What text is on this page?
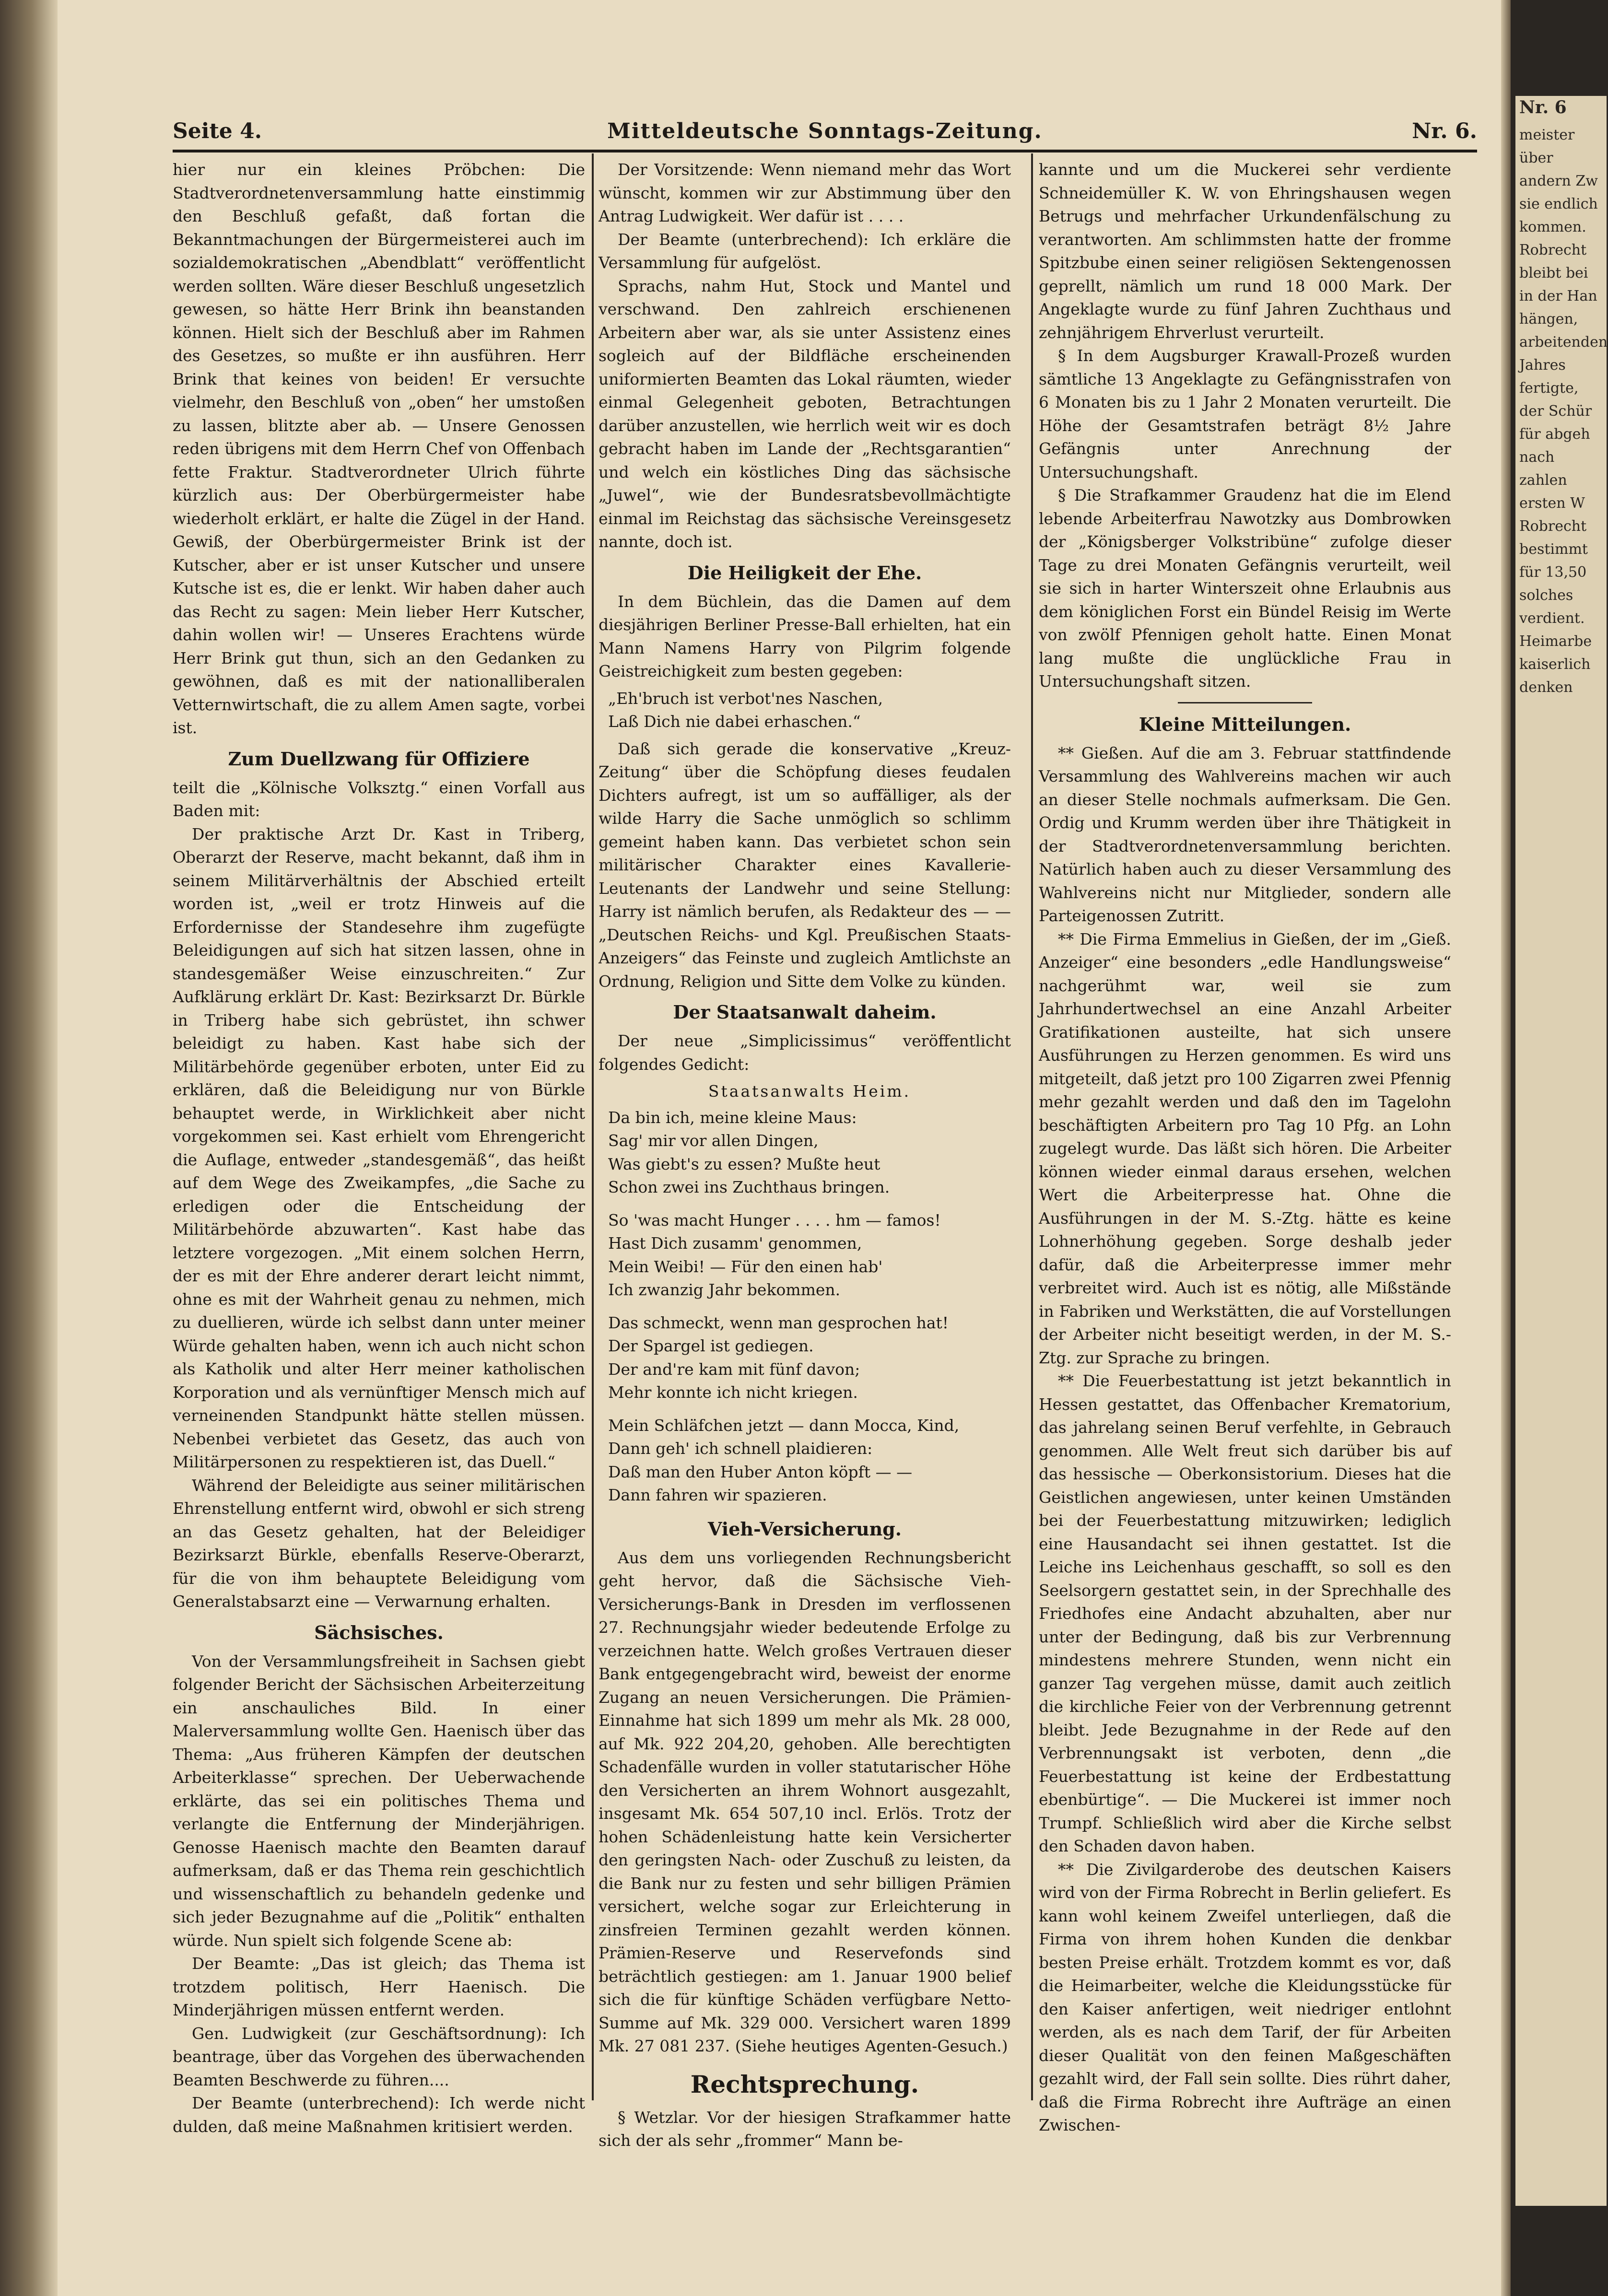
Seite 4.	Mitteldeutsche Sonntags-Zeitung.	Nr. 6.

hier nur ein kleines Pröbchen: Die Stadtverordnetenversammlung hatte einstimmig den Beschluß gefaßt, daß fortan die Bekanntmachungen der Bürgermeisterei auch im sozialdemokratischen „Abendblatt“ veröffentlicht werden sollten. Wäre dieser Beschluß ungesetzlich gewesen, so hätte Herr Brink ihn beanstanden können. Hielt sich der Beschluß aber im Rahmen des Gesetzes, so mußte er ihn ausführen. Herr Brink that keines von beiden! Er versuchte vielmehr, den Beschluß von „oben“ her umstoßen zu lassen, blitzte aber ab. — Unsere Genossen reden übrigens mit dem Herrn Chef von Offenbach fette Fraktur. Stadtverordneter Ulrich führte kürzlich aus: Der Oberbürgermeister habe wiederholt erklärt, er halte die Zügel in der Hand. Gewiß, der Oberbürgermeister Brink ist der Kutscher, aber er ist unser Kutscher und unsere Kutsche ist es, die er lenkt. Wir haben daher auch das Recht zu sagen: Mein lieber Herr Kutscher, dahin wollen wir! — Unseres Erachtens würde Herr Brink gut thun, sich an den Gedanken zu gewöhnen, daß es mit der nationalliberalen Vetternwirtschaft, die zu allem Amen sagte, vorbei ist.

Zum Duellzwang für Offiziere

teilt die „Kölnische Volksztg.“ einen Vorfall aus Baden mit:

Der praktische Arzt Dr. Kast in Triberg, Oberarzt der Reserve, macht bekannt, daß ihm in seinem Militärverhältnis der Abschied erteilt worden ist, „weil er trotz Hinweis auf die Erfordernisse der Standesehre ihm zugefügte Beleidigungen auf sich hat sitzen lassen, ohne in standesgemäßer Weise einzuschreiten.“ Zur Aufklärung erklärt Dr. Kast: Bezirksarzt Dr. Bürkle in Triberg habe sich gebrüstet, ihn schwer beleidigt zu haben. Kast habe sich der Militärbehörde gegenüber erboten, unter Eid zu erklären, daß die Beleidigung nur von Bürkle behauptet werde, in Wirklichkeit aber nicht vorgekommen sei. Kast erhielt vom Ehrengericht die Auflage, entweder „standesgemäß“, das heißt auf dem Wege des Zweikampfes, „die Sache zu erledigen oder die Entscheidung der Militärbehörde abzuwarten“. Kast habe das letztere vorgezogen. „Mit einem solchen Herrn, der es mit der Ehre anderer derart leicht nimmt, ohne es mit der Wahrheit genau zu nehmen, mich zu duellieren, würde ich selbst dann unter meiner Würde gehalten haben, wenn ich auch nicht schon als Katholik und alter Herr meiner katholischen Korporation und als vernünftiger Mensch mich auf verneinenden Standpunkt hätte stellen müssen. Nebenbei verbietet das Gesetz, das auch von Militärpersonen zu respektieren ist, das Duell.“

Während der Beleidigte aus seiner militärischen Ehrenstellung entfernt wird, obwohl er sich streng an das Gesetz gehalten, hat der Beleidiger Bezirksarzt Bürkle, ebenfalls Reserve-Oberarzt, für die von ihm behauptete Beleidigung vom Generalstabsarzt eine — Verwarnung erhalten.

Sächsisches.

Von der Versammlungsfreiheit in Sachsen giebt folgender Bericht der Sächsischen Arbeiterzeitung ein anschauliches Bild. In einer Malerversammlung wollte Gen. Haenisch über das Thema: „Aus früheren Kämpfen der deutschen Arbeiterklasse“ sprechen. Der Ueberwachende erklärte, das sei ein politisches Thema und verlangte die Entfernung der Minderjährigen. Genosse Haenisch machte den Beamten darauf aufmerksam, daß er das Thema rein geschichtlich und wissenschaftlich zu behandeln gedenke und sich jeder Bezugnahme auf die „Politik“ enthalten würde. Nun spielt sich folgende Scene ab:

Der Beamte: „Das ist gleich; das Thema ist trotzdem politisch, Herr Haenisch. Die Minderjährigen müssen entfernt werden.

Gen. Ludwigkeit (zur Geschäftsordnung): Ich beantrage, über das Vorgehen des überwachenden Beamten Beschwerde zu führen....

Der Beamte (unterbrechend): Ich werde nicht dulden, daß meine Maßnahmen kritisiert werden.

Der Vorsitzende: Wenn niemand mehr das Wort wünscht, kommen wir zur Abstimmung über den Antrag Ludwigkeit. Wer dafür ist . . . .

Der Beamte (unterbrechend): Ich erkläre die Versammlung für aufgelöst.

Sprachs, nahm Hut, Stock und Mantel und verschwand. Den zahlreich erschienenen Arbeitern aber war, als sie unter Assistenz eines sogleich auf der Bildfläche erscheinenden uniformierten Beamten das Lokal räumten, wieder einmal Gelegenheit geboten, Betrachtungen darüber anzustellen, wie herrlich weit wir es doch gebracht haben im Lande der „Rechtsgarantien“ und welch ein köstliches Ding das sächsische „Juwel“, wie der Bundesratsbevollmächtigte einmal im Reichstag das sächsische Vereinsgesetz nannte, doch ist.

Die Heiligkeit der Ehe.

In dem Büchlein, das die Damen auf dem diesjährigen Berliner Presse-Ball erhielten, hat ein Mann Namens Harry von Pilgrim folgende Geistreichigkeit zum besten gegeben:

„Eh'bruch ist verbot'nes Naschen,
Laß Dich nie dabei erhaschen.“

Daß sich gerade die konservative „Kreuz-Zeitung“ über die Schöpfung dieses feudalen Dichters aufregt, ist um so auffälliger, als der wilde Harry die Sache unmöglich so schlimm gemeint haben kann. Das verbietet schon sein militärischer Charakter eines Kavallerie-Leutenants der Landwehr und seine Stellung: Harry ist nämlich berufen, als Redakteur des — — „Deutschen Reichs- und Kgl. Preußischen Staats-Anzeigers“ das Feinste und zugleich Amtlichste an Ordnung, Religion und Sitte dem Volke zu künden.

Der Staatsanwalt daheim.

Der neue „Simplicissimus“ veröffentlicht folgendes Gedicht:

Staatsanwalts Heim.
Da bin ich, meine kleine Maus:
Sag' mir vor allen Dingen,
Was giebt's zu essen? Mußte heut
Schon zwei ins Zuchthaus bringen.
So 'was macht Hunger . . . . hm — famos!
Hast Dich zusamm' genommen,
Mein Weibi! — Für den einen hab'
Ich zwanzig Jahr bekommen.
Das schmeckt, wenn man gesprochen hat!
Der Spargel ist gediegen.
Der and're kam mit fünf davon;
Mehr konnte ich nicht kriegen.
Mein Schläfchen jetzt — dann Mocca, Kind,
Dann geh' ich schnell plaidieren:
Daß man den Huber Anton köpft — —
Dann fahren wir spazieren.
Vieh-Versicherung.

Aus dem uns vorliegenden Rechnungsbericht geht hervor, daß die Sächsische Vieh-Versicherungs-Bank in Dresden im verflossenen 27. Rechnungsjahr wieder bedeutende Erfolge zu verzeichnen hatte. Welch großes Vertrauen dieser Bank entgegengebracht wird, beweist der enorme Zugang an neuen Versicherungen. Die Prämien-Einnahme hat sich 1899 um mehr als Mk. 28 000, auf Mk. 922 204,20, gehoben. Alle berechtigten Schadenfälle wurden in voller statutarischer Höhe den Versicherten an ihrem Wohnort ausgezahlt, insgesamt Mk. 654 507,10 incl. Erlös. Trotz der hohen Schädenleistung hatte kein Versicherter den geringsten Nach- oder Zuschuß zu leisten, da die Bank nur zu festen und sehr billigen Prämien versichert, welche sogar zur Erleichterung in zinsfreien Terminen gezahlt werden können. Prämien-Reserve und Reservefonds sind beträchtlich gestiegen: am 1. Januar 1900 belief sich die für künftige Schäden verfügbare Netto-Summe auf Mk. 329 000. Versichert waren 1899 Mk. 27 081 237. (Siehe heutiges Agenten-Gesuch.)

Rechtsprechung.

§ Wetzlar. Vor der hiesigen Strafkammer hatte sich der als sehr „frommer“ Mann be-

kannte und um die Muckerei sehr verdiente Schneidemüller K. W. von Ehringshausen wegen Betrugs und mehrfacher Urkundenfälschung zu verantworten. Am schlimmsten hatte der fromme Spitzbube einen seiner religiösen Sektengenossen geprellt, nämlich um rund 18 000 Mark. Der Angeklagte wurde zu fünf Jahren Zuchthaus und zehnjährigem Ehrverlust verurteilt.

§ In dem Augsburger Krawall-Prozeß wurden sämtliche 13 Angeklagte zu Gefängnisstrafen von 6 Monaten bis zu 1 Jahr 2 Monaten verurteilt. Die Höhe der Gesamtstrafen beträgt 8½ Jahre Gefängnis unter Anrechnung der Untersuchungshaft.

§ Die Strafkammer Graudenz hat die im Elend lebende Arbeiterfrau Nawotzky aus Dombrowken der „Königsberger Volkstribüne“ zufolge dieser Tage zu drei Monaten Gefängnis verurteilt, weil sie sich in harter Winterszeit ohne Erlaubnis aus dem königlichen Forst ein Bündel Reisig im Werte von zwölf Pfennigen geholt hatte. Einen Monat lang mußte die unglückliche Frau in Untersuchungshaft sitzen.

Kleine Mitteilungen.

** Gießen. Auf die am 3. Februar stattfindende Versammlung des Wahlvereins machen wir auch an dieser Stelle nochmals aufmerksam. Die Gen. Ordig und Krumm werden über ihre Thätigkeit in der Stadtverordnetenversammlung berichten. Natürlich haben auch zu dieser Versammlung des Wahlvereins nicht nur Mitglieder, sondern alle Parteigenossen Zutritt.

** Die Firma Emmelius in Gießen, der im „Gieß. Anzeiger“ eine besonders „edle Handlungsweise“ nachgerühmt war, weil sie zum Jahrhundertwechsel an eine Anzahl Arbeiter Gratifikationen austeilte, hat sich unsere Ausführungen zu Herzen genommen. Es wird uns mitgeteilt, daß jetzt pro 100 Zigarren zwei Pfennig mehr gezahlt werden und daß den im Tagelohn beschäftigten Arbeitern pro Tag 10 Pfg. an Lohn zugelegt wurde. Das läßt sich hören. Die Arbeiter können wieder einmal daraus ersehen, welchen Wert die Arbeiterpresse hat. Ohne die Ausführungen in der M. S.-Ztg. hätte es keine Lohnerhöhung gegeben. Sorge deshalb jeder dafür, daß die Arbeiterpresse immer mehr verbreitet wird. Auch ist es nötig, alle Mißstände in Fabriken und Werkstätten, die auf Vorstellungen der Arbeiter nicht beseitigt werden, in der M. S.-Ztg. zur Sprache zu bringen.

** Die Feuerbestattung ist jetzt bekanntlich in Hessen gestattet, das Offenbacher Krematorium, das jahrelang seinen Beruf verfehlte, in Gebrauch genommen. Alle Welt freut sich darüber bis auf das hessische — Oberkonsistorium. Dieses hat die Geistlichen angewiesen, unter keinen Umständen bei der Feuerbestattung mitzuwirken; lediglich eine Hausandacht sei ihnen gestattet. Ist die Leiche ins Leichenhaus geschafft, so soll es den Seelsorgern gestattet sein, in der Sprechhalle des Friedhofes eine Andacht abzuhalten, aber nur unter der Bedingung, daß bis zur Verbrennung mindestens mehrere Stunden, wenn nicht ein ganzer Tag vergehen müsse, damit auch zeitlich die kirchliche Feier von der Verbrennung getrennt bleibt. Jede Bezugnahme in der Rede auf den Verbrennungsakt ist verboten, denn „die Feuerbestattung ist keine der Erdbestattung ebenbürtige“. — Die Muckerei ist immer noch Trumpf. Schließlich wird aber die Kirche selbst den Schaden davon haben.

** Die Zivilgarderobe des deutschen Kaisers wird von der Firma Robrecht in Berlin geliefert. Es kann wohl keinem Zweifel unterliegen, daß die Firma von ihrem hohen Kunden die denkbar besten Preise erhält. Trotzdem kommt es vor, daß die Heimarbeiter, welche die Kleidungsstücke für den Kaiser anfertigen, weit niedriger entlohnt werden, als es nach dem Tarif, der für Arbeiten dieser Qualität von den feinen Maßgeschäften gezahlt wird, der Fall sein sollte. Dies rührt daher, daß die Firma Robrecht ihre Aufträge an einen Zwischen-

Nr. 6
meister über
andern Zw
sie endlich
kommen.
Robrecht
bleibt bei
in der Han
hängen,
arbeitenden
Jahres
fertigte,
der Schür
für abgeh
nach
zahlen
ersten W
Robrecht
bestimmt
für 13,50
solches
verdient.
Heimarbe
kaiserlich
denken
